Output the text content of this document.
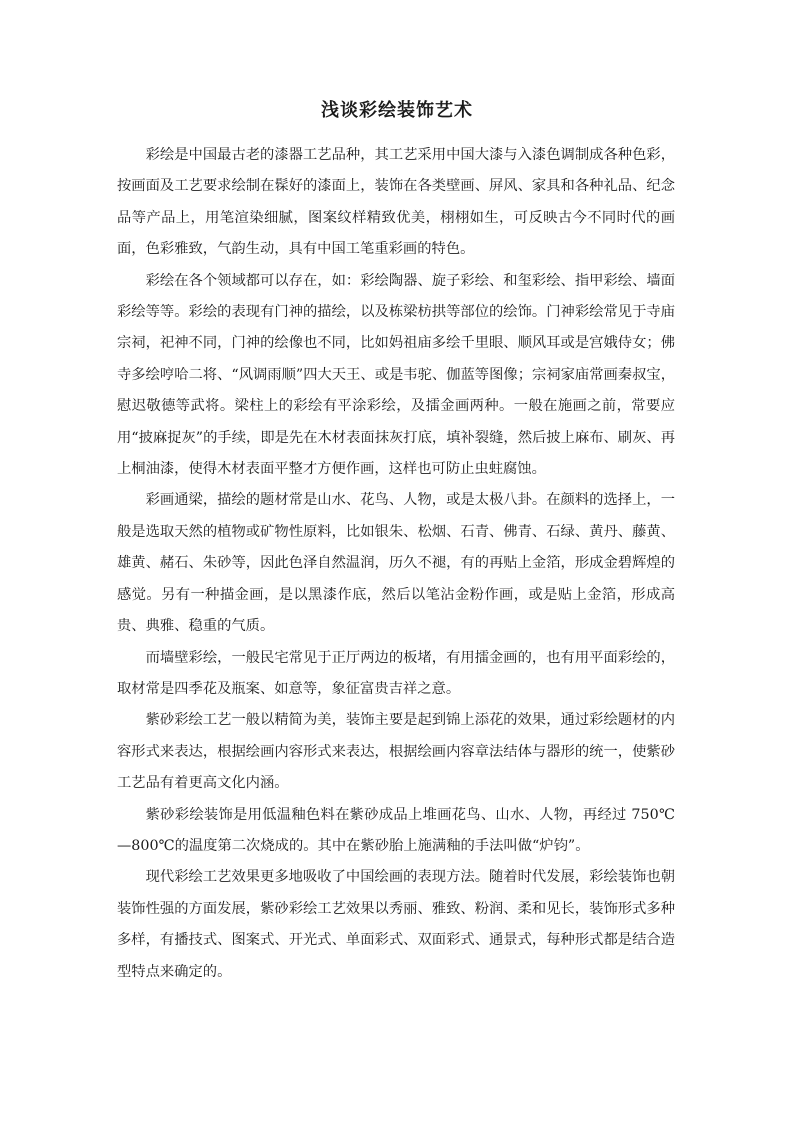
浅谈彩绘装饰艺术

彩绘是中国最古老的漆器工艺品种，其工艺采用中国大漆与入漆色调制成各种色彩，按画面及工艺要求绘制在髹好的漆面上，装饰在各类壁画、屏风、家具和各种礼品、纪念品等产品上，用笔渲染细腻，图案纹样精致优美，栩栩如生，可反映古今不同时代的画面，色彩雅致，气韵生动，具有中国工笔重彩画的特色。

彩绘在各个领域都可以存在，如：彩绘陶器、旋子彩绘、和玺彩绘、指甲彩绘、墙面彩绘等等。彩绘的表现有门神的描绘，以及栋梁枋拱等部位的绘饰。门神彩绘常见于寺庙宗祠，祀神不同，门神的绘像也不同，比如妈祖庙多绘千里眼、顺风耳或是宫娥侍女；佛寺多绘哼哈二将、“风调雨顺”四大天王、或是韦驼、伽蓝等图像；宗祠家庙常画秦叔宝，慰迟敬德等武将。梁柱上的彩绘有平涂彩绘，及擂金画两种。一般在施画之前，常要应用“披麻捉灰”的手续，即是先在木材表面抹灰打底，填补裂缝，然后披上麻布、刷灰、再上桐油漆，使得木材表面平整才方便作画，这样也可防止虫蛀腐蚀。

彩画通梁，描绘的题材常是山水、花鸟、人物，或是太极八卦。在颜料的选择上，一般是选取天然的植物或矿物性原料，比如银朱、松烟、石青、佛青、石绿、黄丹、藤黄、雄黄、赭石、朱砂等，因此色泽自然温润，历久不褪，有的再贴上金箔，形成金碧辉煌的感觉。另有一种描金画，是以黑漆作底，然后以笔沾金粉作画，或是贴上金箔，形成高贵、典雅、稳重的气质。

而墙壁彩绘，一般民宅常见于正厅两边的板堵，有用擂金画的，也有用平面彩绘的，取材常是四季花及瓶案、如意等，象征富贵吉祥之意。

紫砂彩绘工艺一般以精简为美，装饰主要是起到锦上添花的效果，通过彩绘题材的内容形式来表达，根据绘画内容形式来表达，根据绘画内容章法结体与器形的统一，使紫砂工艺品有着更高文化内涵。

紫砂彩绘装饰是用低温釉色料在紫砂成品上堆画花鸟、山水、人物，再经过 750℃—800℃的温度第二次烧成的。其中在紫砂胎上施满釉的手法叫做“炉钧”。

现代彩绘工艺效果更多地吸收了中国绘画的表现方法。随着时代发展，彩绘装饰也朝装饰性强的方面发展，紫砂彩绘工艺效果以秀丽、雅致、粉润、柔和见长，装饰形式多种多样，有播技式、图案式、开光式、单面彩式、双面彩式、通景式，每种形式都是结合造型特点来确定的。
